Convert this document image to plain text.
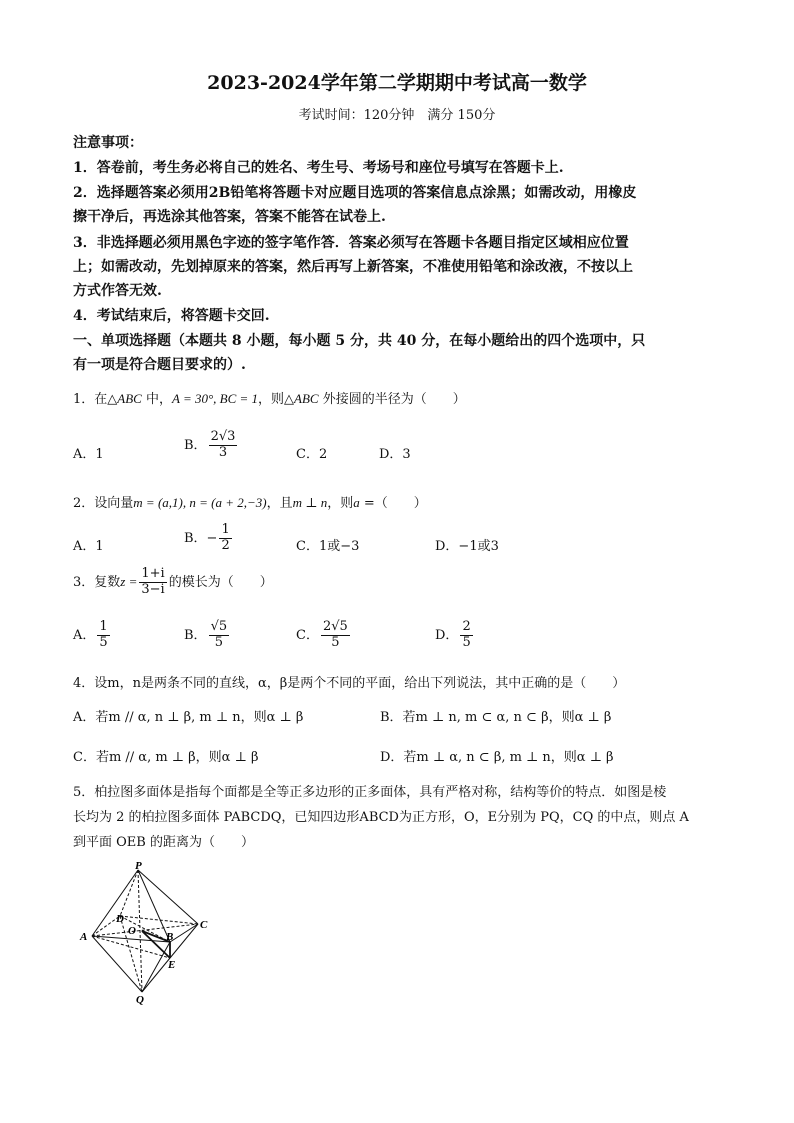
2023-2024学年第二学期期中考试高一数学
考试时间：120分钟　满分 150分
注意事项：
1．答卷前，考生务必将自己的姓名、考生号、考场号和座位号填写在答题卡上.
2．选择题答案必须用2B铅笔将答题卡对应题目选项的答案信息点涂黑；如需改动，用橡皮
擦干净后，再选涂其他答案，答案不能答在试卷上.
3．非选择题必须用黑色字迹的签字笔作答．答案必须写在答题卡各题目指定区域相应位置
上；如需改动，先划掉原来的答案，然后再写上新答案，不准使用铅笔和涂改液，不按以上
方式作答无效.
4．考试结束后，将答题卡交回.
一、单项选择题（本题共 8 小题，每小题 5 分，共 40 分，在每小题给出的四个选项中，只
有一项是符合题目要求的）.
1．在△ABC 中，A = 30°, BC = 1，则△ABC 外接圆的半径为（　　）
A．1
B． $\frac{2√3}{3}$	C．2	D．3
2．设向量m = (a,1), n = (a + 2,−3)，且m ⊥ n，则a =（　　）
A．1
B．− $\frac{1}{2}$	C．1或−3	D．−1或3
3．复数$z = \frac{1+i}{3-i}$ 的模长为（　　）
A． $\frac{1}{5}$	B． $\frac{√5}{5}$	C． $\frac{2√5}{5}$	D． $\frac{2}{5}$
4．设m，n是两条不同的直线，α，β是两个不同的平面，给出下列说法，其中正确的是（　　）
A．若m // α, n ⊥ β, m ⊥ n，则α ⊥ β	B．若m ⊥ n, m ⊂ α, n ⊂ β，则α ⊥ β
C．若m // α, m ⊥ β，则α ⊥ β	D．若m ⊥ α, n ⊂ β, m ⊥ n，则α ⊥ β
5．柏拉图多面体是指每个面都是全等正多边形的正多面体，具有严格对称，结构等价的特点．如图是棱
长均为 2 的柏拉图多面体 PABCDQ，已知四边形ABCD为正方形，O，E分别为 PQ，CQ 的中点，则点 A
到平面 OEB 的距离为（　　）
P
A
D
O	C
B
E
Q
